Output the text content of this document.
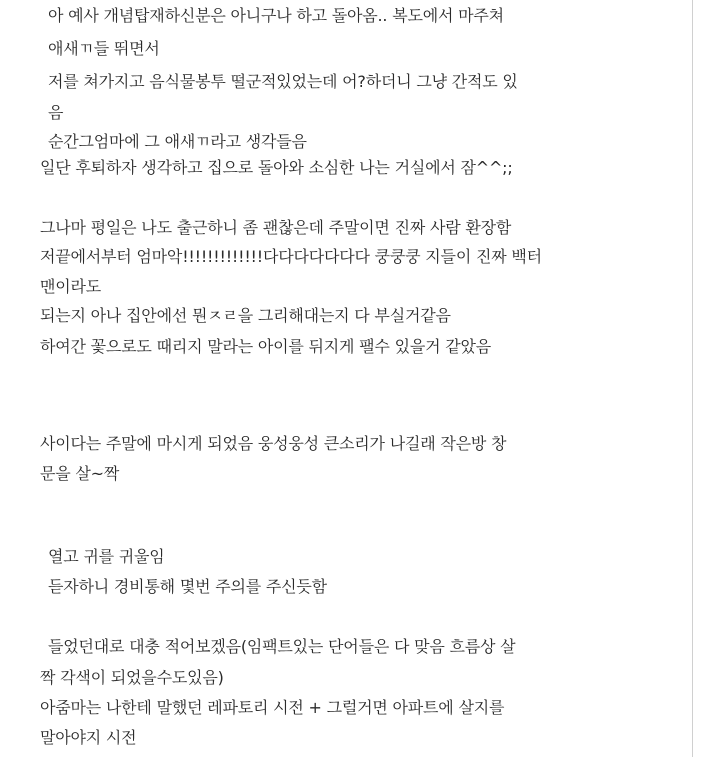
아 예사 개념탑재하신분은 아니구나 하고 돌아옴.. 복도에서 마주쳐
애새ㄲ들 뛰면서
저를 쳐가지고 음식물봉투 떨군적있었는데 어?하더니 그냥 간적도 있
음
순간그엄마에 그 애새ㄲ라고 생각들음
일단 후퇴하자 생각하고 집으로 돌아와 소심한 나는 거실에서 잠^^;;
그나마 평일은 나도 출근하니 좀 괜찮은데 주말이면 진짜 사람 환장함
저끝에서부터 엄마악!!!!!!!!!!!!!다다다다다다다 쿵쿵쿵 지들이 진짜 백터
맨이라도
되는지 아나 집안에선 뭔ㅈㄹ을 그리해대는지 다 부실거같음
하여간 꽃으로도 때리지 말라는 아이를 뒤지게 팰수 있을거 같았음
사이다는 주말에 마시게 되었음 웅성웅성 큰소리가 나길래 작은방 창
문을 살~짝
열고 귀를 귀울임
듣자하니 경비통해 몇번 주의를 주신듯함
들었던대로 대충 적어보겠음(임팩트있는 단어들은 다 맞음 흐름상 살
짝 각색이 되었을수도있음)
아줌마는 나한테 말했던 레파토리 시전 + 그럴거면 아파트에 살지를
말아야지 시전
